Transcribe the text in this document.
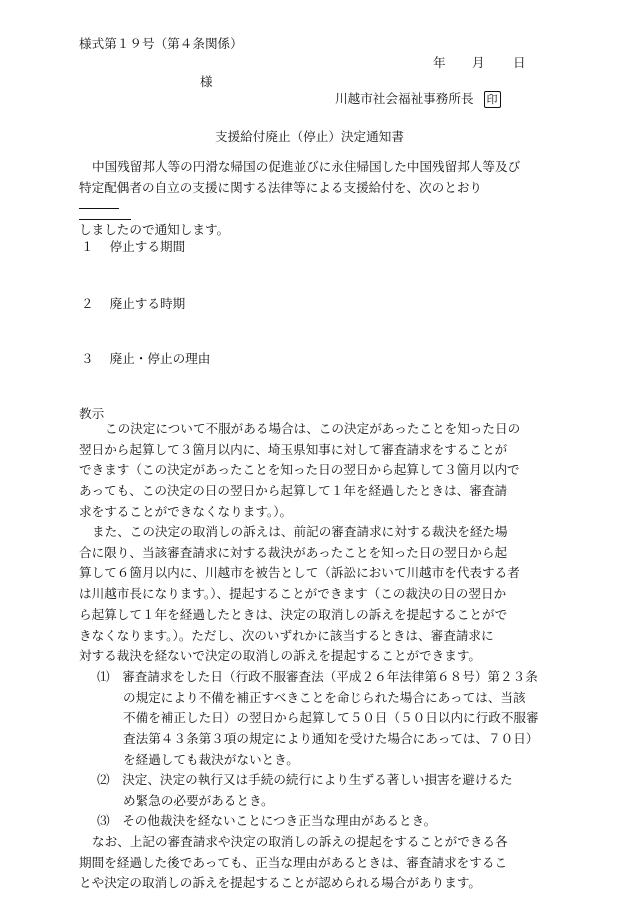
様式第１９号（第４条関係）
年 月 日
様
川越市社会福祉事務所長 印
支援給付廃止（停止）決定通知書
中国残留邦人等の円滑な帰国の促進並びに永住帰国した中国残留邦人等及び
特定配偶者の自立の支援に関する法律等による支援給付を、次のとおり
しましたので通知します。
１ 停止する期間
２ 廃止する時期
３ 廃止・停止の理由
教示
この決定について不服がある場合は、この決定があったことを知った日の
翌日から起算して３箇月以内に、埼玉県知事に対して審査請求をすることが
できます（この決定があったことを知った日の翌日から起算して３箇月以内で
あっても、この決定の日の翌日から起算して１年を経過したときは、審査請
求をすることができなくなります。）。
また、この決定の取消しの訴えは、前記の審査請求に対する裁決を経た場
合に限り、当該審査請求に対する裁決があったことを知った日の翌日から起
算して６箇月以内に、川越市を被告として（訴訟において川越市を代表する者
は川越市長になります。）、提起することができます（この裁決の日の翌日か
ら起算して１年を経過したときは、決定の取消しの訴えを提起することがで
きなくなります。）。ただし、次のいずれかに該当するときは、審査請求に
対する裁決を経ないで決定の取消しの訴えを提起することができます。
⑴　審査請求をした日（行政不服審査法（平成２６年法律第６８号）第２３条
の規定により不備を補正すべきことを命じられた場合にあっては、当該
不備を補正した日）の翌日から起算して５０日（５０日以内に行政不服審
査法第４３条第３項の規定により通知を受けた場合にあっては、７０日）
を経過しても裁決がないとき。
⑵　決定、決定の執行又は手続の続行により生ずる著しい損害を避けるた
め緊急の必要があるとき。
⑶　その他裁決を経ないことにつき正当な理由があるとき。
なお、上記の審査請求や決定の取消しの訴えの提起をすることができる各
期間を経過した後であっても、正当な理由があるときは、審査請求をするこ
とや決定の取消しの訴えを提起することが認められる場合があります。
